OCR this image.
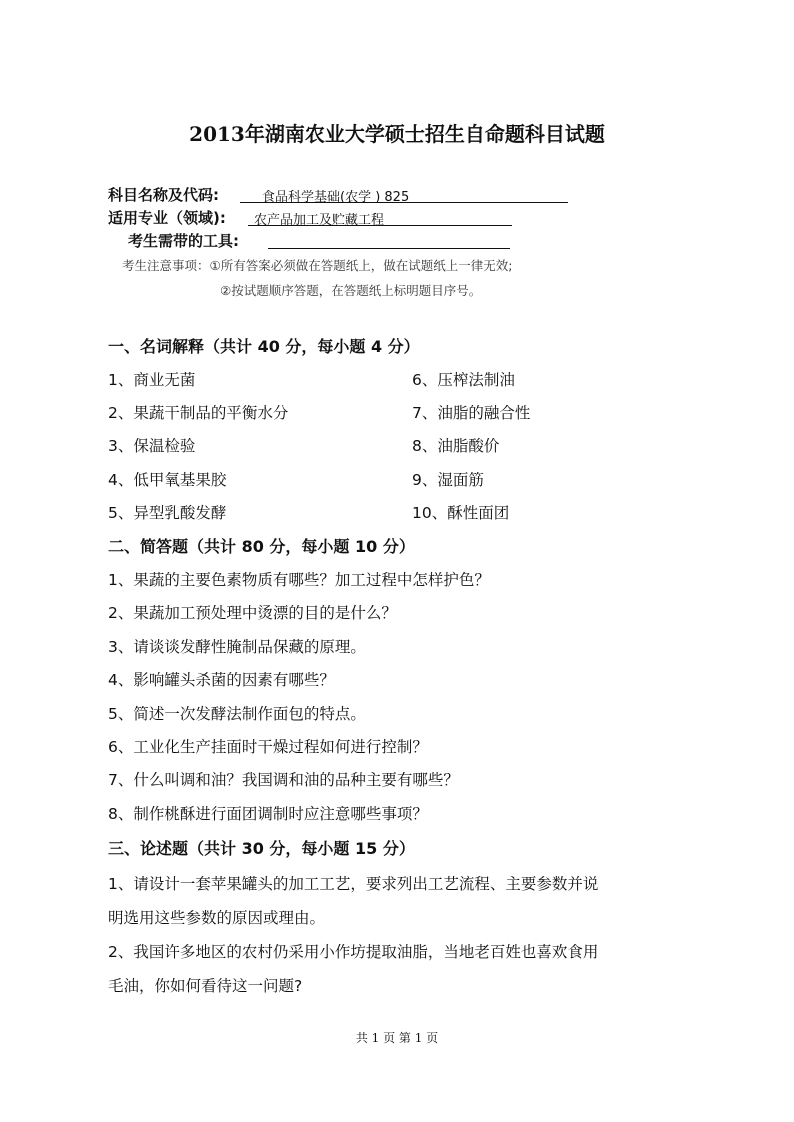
2013年湖南农业大学硕士招生自命题科目试题
科目名称及代码:	食品科学基础(农学 ) 825
适用专业（领域): 农产品加工及贮藏工程
考生需带的工具:
考生注意事项：①所有答案必须做在答题纸上，做在试题纸上一律无效;
②按试题顺序答题，在答题纸上标明题目序号。
一、名词解释（共计 40 分，每小题 4 分）
1、商业无菌
2、果蔬干制品的平衡水分
3、保温检验
4、低甲氧基果胶
5、异型乳酸发酵
6、压榨法制油
7、油脂的融合性
8、油脂酸价
9、湿面筋
10、酥性面团
二、简答题（共计 80 分，每小题 10 分）
1、果蔬的主要色素物质有哪些？加工过程中怎样护色？
2、果蔬加工预处理中烫漂的目的是什么？
3、请谈谈发酵性腌制品保藏的原理。
4、影响罐头杀菌的因素有哪些？
5、简述一次发酵法制作面包的特点。
6、工业化生产挂面时干燥过程如何进行控制？
7、什么叫调和油？我国调和油的品种主要有哪些？
8、制作桃酥进行面团调制时应注意哪些事项？
三、论述题（共计 30 分，每小题 15 分）
1、请设计一套苹果罐头的加工工艺，要求列出工艺流程、主要参数并说
明选用这些参数的原因或理由。
2、我国许多地区的农村仍采用小作坊提取油脂，当地老百姓也喜欢食用
毛油，你如何看待这一问题?
共 1 页 第 1 页
